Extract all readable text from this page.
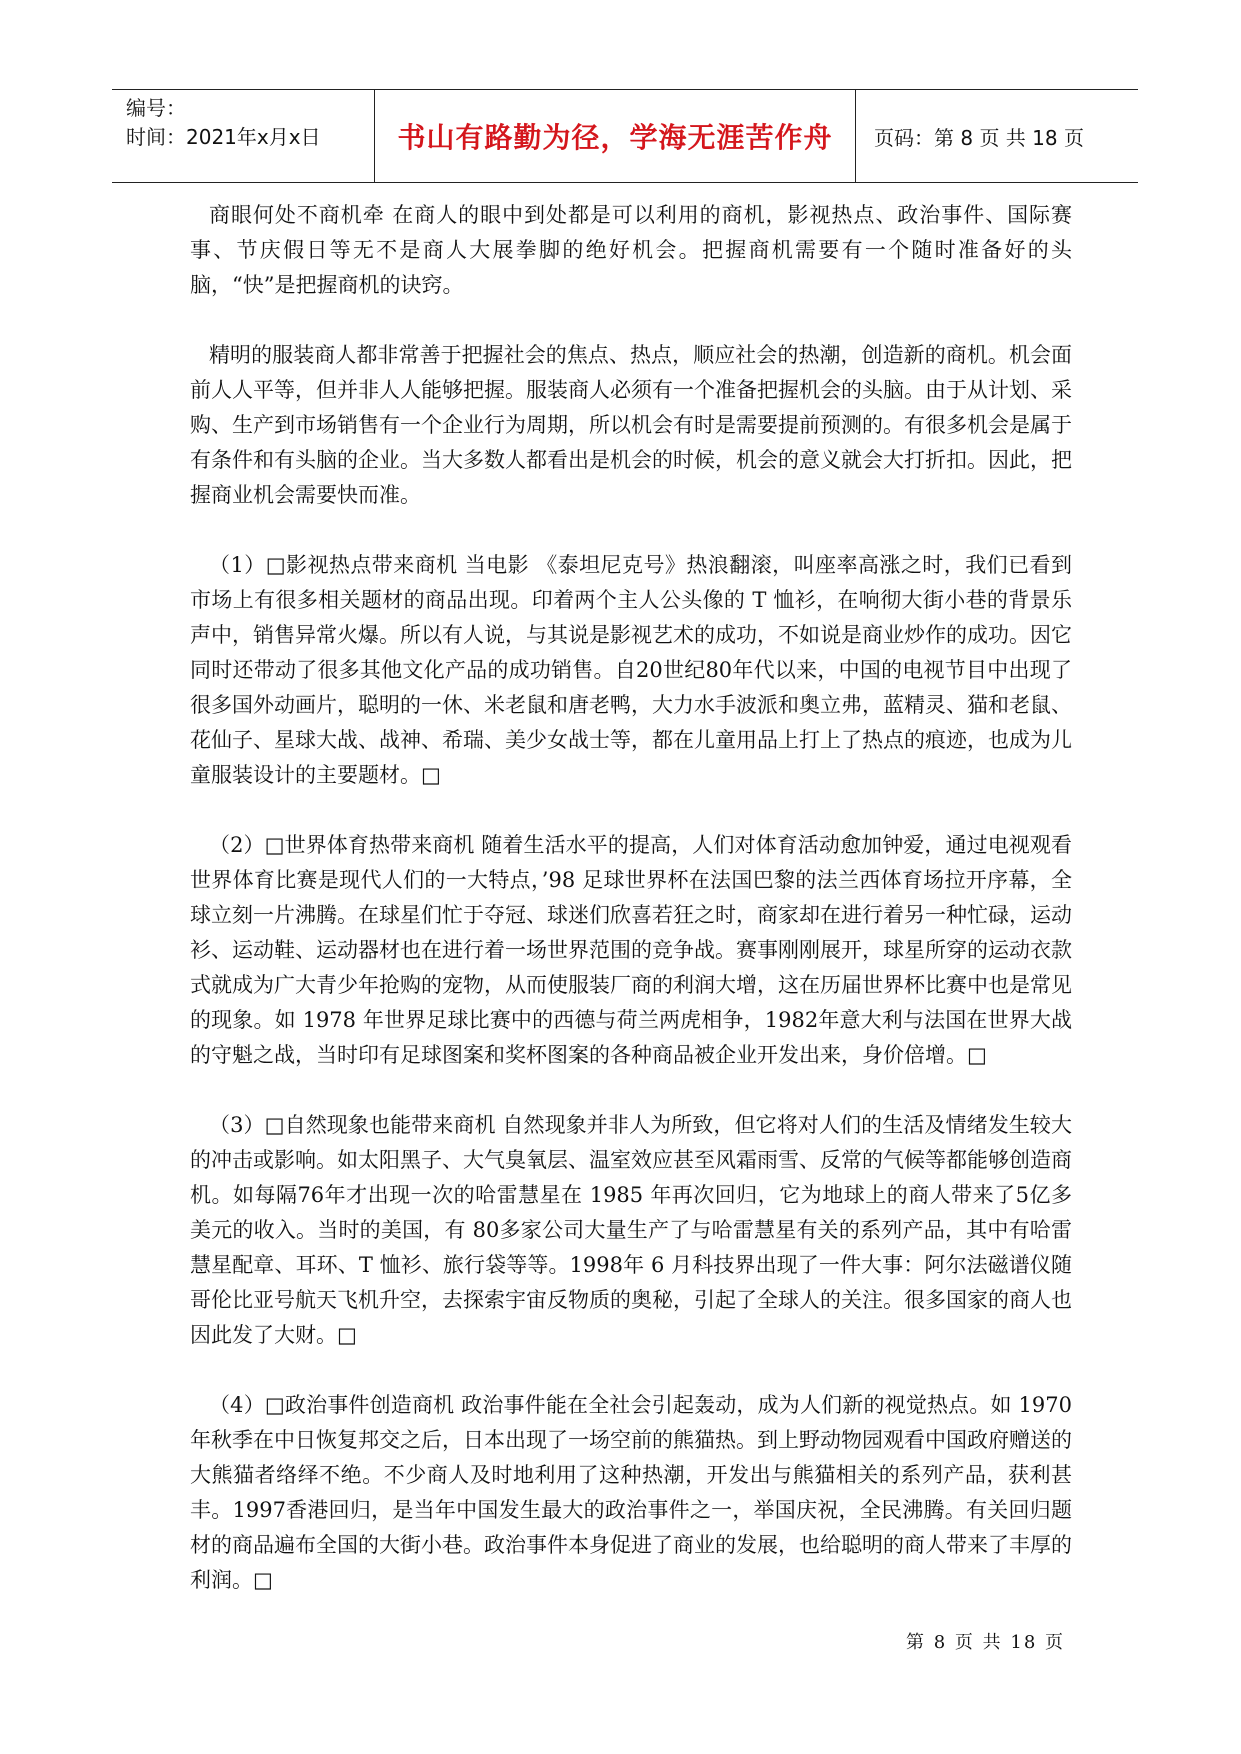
编号：
时间：2021年x月x日	书山有路勤为径，学海无涯苦作舟	页码：第 8 页 共 18 页

商眼何处不商机牵 在商人的眼中到处都是可以利用的商机，影视热点、政治事件、国际赛事、节庆假日等无不是商人大展拳脚的绝好机会。把握商机需要有一个随时准备好的头脑，“快”是把握商机的诀窍。

精明的服装商人都非常善于把握社会的焦点、热点，顺应社会的热潮，创造新的商机。机会面前人人平等，但并非人人能够把握。服装商人必须有一个准备把握机会的头脑。由于从计划、采购、生产到市场销售有一个企业行为周期，所以机会有时是需要提前预测的。有很多机会是属于有条件和有头脑的企业。当大多数人都看出是机会的时候，机会的意义就会大打折扣。因此，把握商业机会需要快而准。

（1）□影视热点带来商机 当电影 《泰坦尼克号》热浪翻滚，叫座率高涨之时，我们已看到市场上有很多相关题材的商品出现。印着两个主人公头像的 T 恤衫，在响彻大街小巷的背景乐声中，销售异常火爆。所以有人说，与其说是影视艺术的成功，不如说是商业炒作的成功。因它同时还带动了很多其他文化产品的成功销售。自20世纪80年代以来，中国的电视节目中出现了很多国外动画片，聪明的一休、米老鼠和唐老鸭，大力水手波派和奥立弗，蓝精灵、猫和老鼠、花仙子、星球大战、战神、希瑞、美少女战士等，都在儿童用品上打上了热点的痕迹，也成为儿童服装设计的主要题材。□

（2）□世界体育热带来商机 随着生活水平的提高，人们对体育活动愈加钟爱，通过电视观看世界体育比赛是现代人们的一大特点，’98 足球世界杯在法国巴黎的法兰西体育场拉开序幕，全球立刻一片沸腾。在球星们忙于夺冠、球迷们欣喜若狂之时，商家却在进行着另一种忙碌，运动衫、运动鞋、运动器材也在进行着一场世界范围的竞争战。赛事刚刚展开，球星所穿的运动衣款式就成为广大青少年抢购的宠物，从而使服装厂商的利润大增，这在历届世界杯比赛中也是常见的现象。如 1978 年世界足球比赛中的西德与荷兰两虎相争，1982年意大利与法国在世界大战的守魁之战，当时印有足球图案和奖杯图案的各种商品被企业开发出来，身价倍增。□

（3）□自然现象也能带来商机 自然现象并非人为所致，但它将对人们的生活及情绪发生较大的冲击或影响。如太阳黑子、大气臭氧层、温室效应甚至风霜雨雪、反常的气候等都能够创造商机。如每隔76年才出现一次的哈雷慧星在 1985 年再次回归，它为地球上的商人带来了5亿多美元的收入。当时的美国，有 80多家公司大量生产了与哈雷慧星有关的系列产品，其中有哈雷慧星配章、耳环、T 恤衫、旅行袋等等。1998年 6 月科技界出现了一件大事：阿尔法磁谱仪随哥伦比亚号航天飞机升空，去探索宇宙反物质的奥秘，引起了全球人的关注。很多国家的商人也因此发了大财。□

（4）□政治事件创造商机 政治事件能在全社会引起轰动，成为人们新的视觉热点。如 1970年秋季在中日恢复邦交之后，日本出现了一场空前的熊猫热。到上野动物园观看中国政府赠送的大熊猫者络绎不绝。不少商人及时地利用了这种热潮，开发出与熊猫相关的系列产品，获利甚丰。1997香港回归，是当年中国发生最大的政治事件之一，举国庆祝，全民沸腾。有关回归题材的商品遍布全国的大街小巷。政治事件本身促进了商业的发展，也给聪明的商人带来了丰厚的利润。□

第 8 页 共 18 页
